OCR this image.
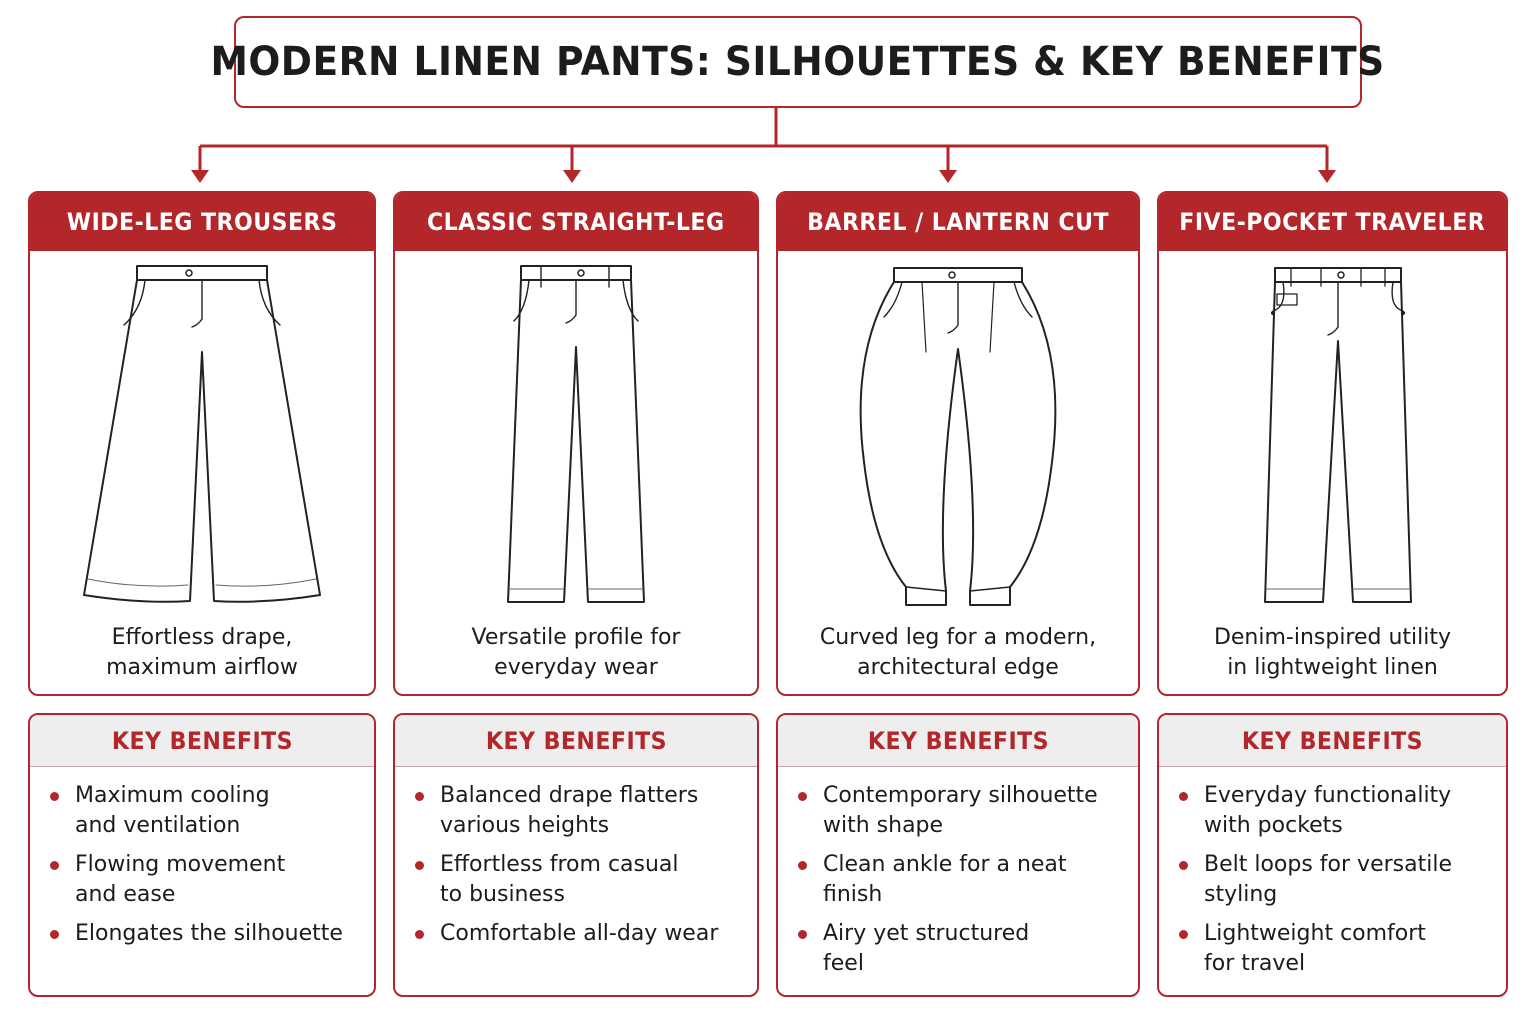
MODERN LINEN PANTS: SILHOUETTES & KEY BENEFITS
WIDE-LEG TROUSERS
Effortless drape,
maximum airflow
CLASSIC STRAIGHT-LEG
Versatile profile for
everyday wear
BARREL / LANTERN CUT
Curved leg for a modern,
architectural edge
FIVE-POCKET TRAVELER
Denim-inspired utility
in lightweight linen
KEY BENEFITS
Maximum cooling
and ventilation
Flowing movement
and ease
Elongates the silhouette
KEY BENEFITS
Balanced drape flatters
various heights
Effortless from casual
to business
Comfortable all-day wear
KEY BENEFITS
Contemporary silhouette
with shape
Clean ankle for a neat
finish
Airy yet structured
feel
KEY BENEFITS
Everyday functionality
with pockets
Belt loops for versatile
styling
Lightweight comfort
for travel
